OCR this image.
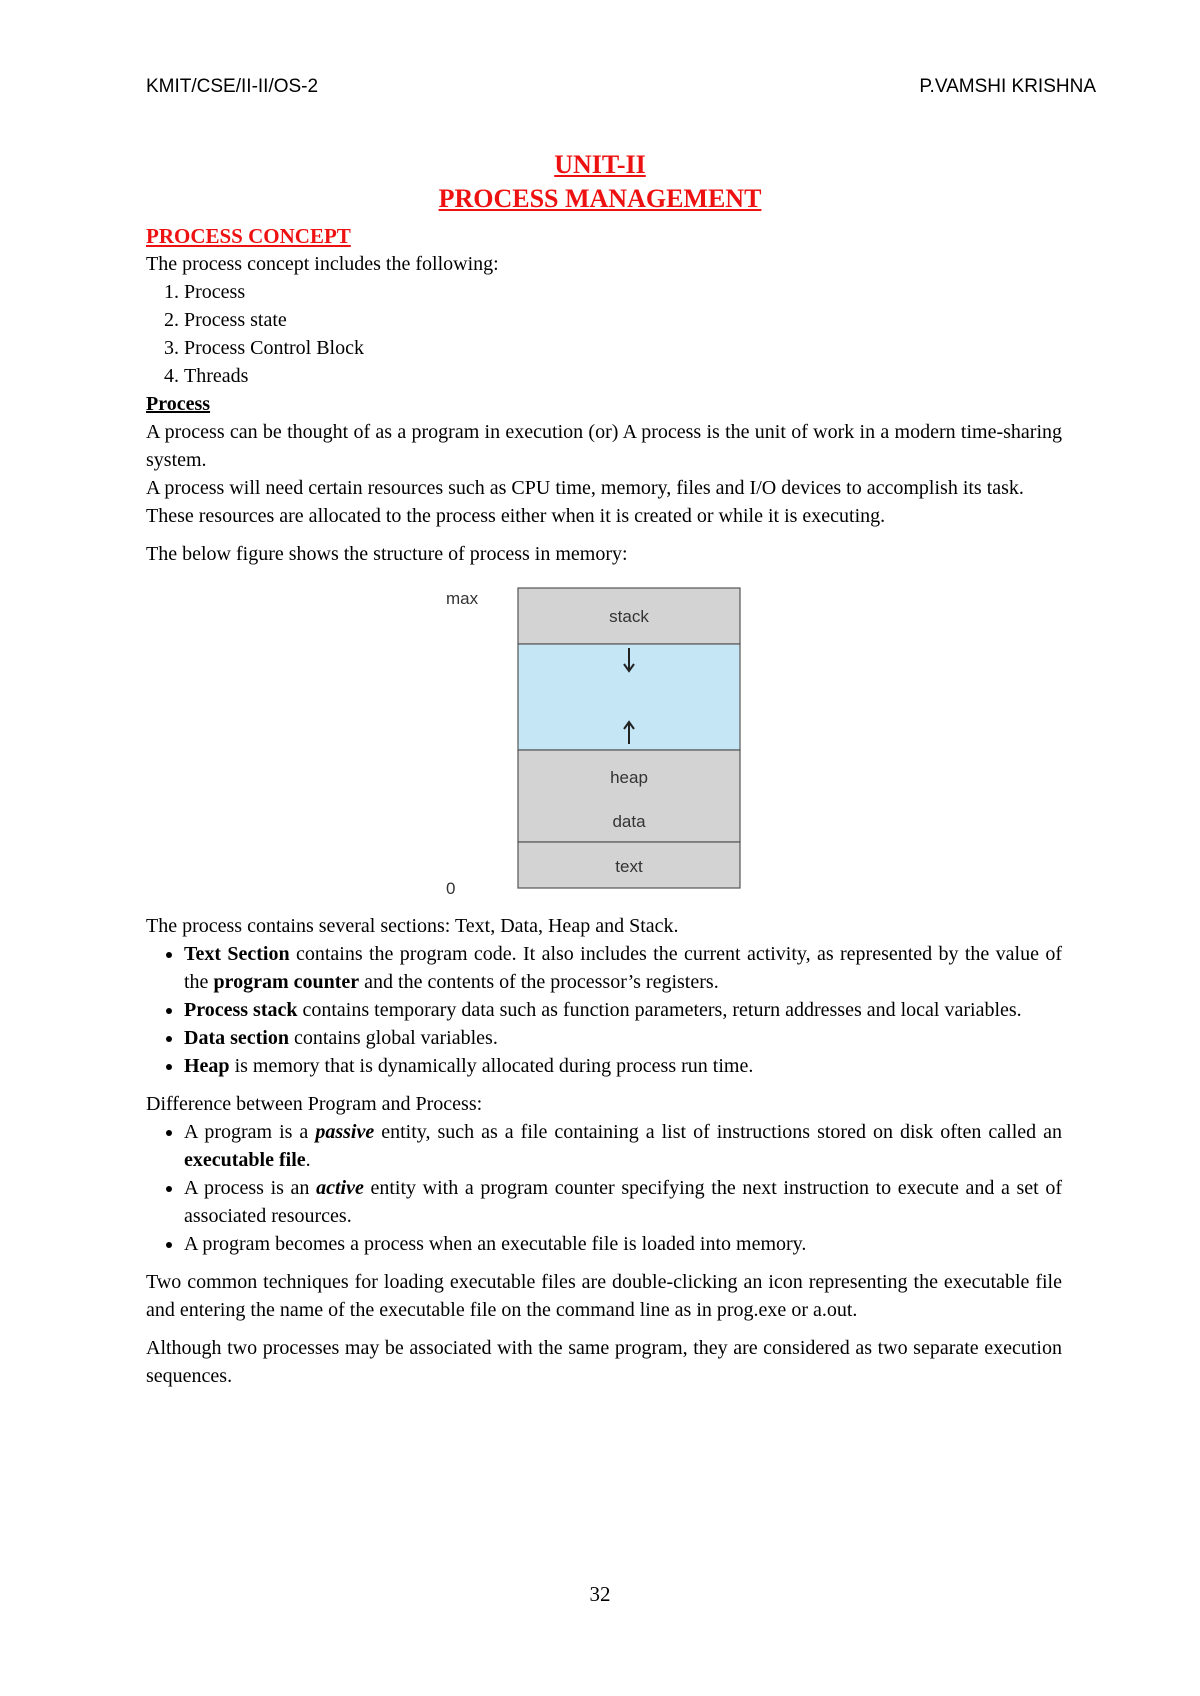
KMIT/CSE/II-II/OS-2	P.VAMSHI KRISHNA
UNIT-II
PROCESS MANAGEMENT
PROCESS CONCEPT

The process concept includes the following:

1. Process
2. Process state
3. Process Control Block
4. Threads
Process

A process can be thought of as a program in execution (or) A process is the unit of work in a modern time-sharing system.

A process will need certain resources such as CPU time, memory, files and I/O devices to accomplish its task.

These resources are allocated to the process either when it is created or while it is executing.

The below figure shows the structure of process in memory:

max
0
stack
heap
data
text

The process contains several sections: Text, Data, Heap and Stack.

• Text Section contains the program code. It also includes the current activity, as represented by the value of the program counter and the contents of the processor’s registers.
• Process stack contains temporary data such as function parameters, return addresses and local variables.
• Data section contains global variables.
• Heap is memory that is dynamically allocated during process run time.

Difference between Program and Process:

• A program is a passive entity, such as a file containing a list of instructions stored on disk often called an executable file.
• A process is an active entity with a program counter specifying the next instruction to execute and a set of associated resources.
• A program becomes a process when an executable file is loaded into memory.

Two common techniques for loading executable files are double-clicking an icon representing the executable file and entering the name of the executable file on the command line as in prog.exe or a.out.

Although two processes may be associated with the same program, they are considered as two separate execution sequences.

32
